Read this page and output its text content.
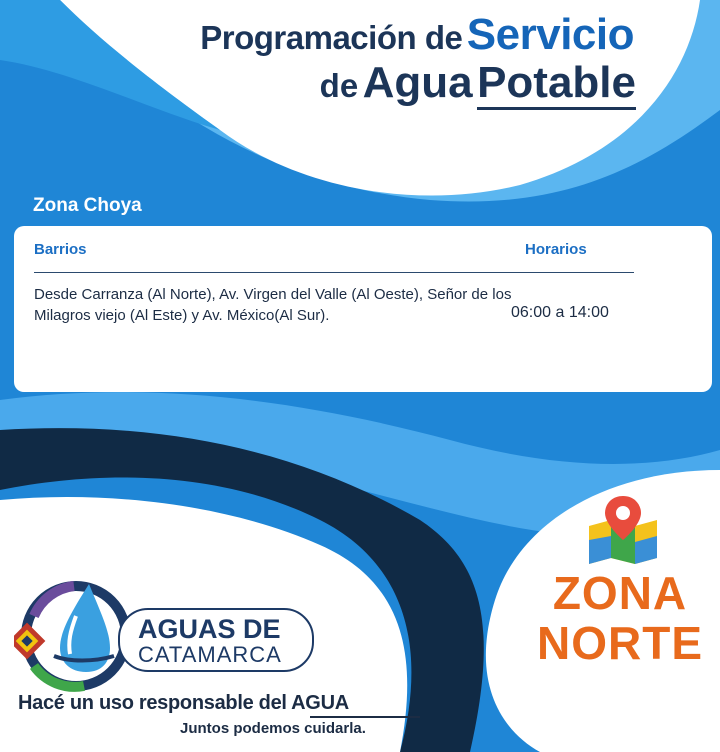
Programación de Servicio
de Agua Potable
Zona Choya
Barrios	Horarios
Desde Carranza (Al Norte), Av. Virgen del Valle (Al Oeste), Señor de los Milagros viejo (Al Este) y Av. México(Al Sur).	06:00 a 14:00
ZONA
NORTE
AGUAS DE
CATAMARCA
Hacé un uso responsable del AGUA
Juntos podemos cuidarla.
